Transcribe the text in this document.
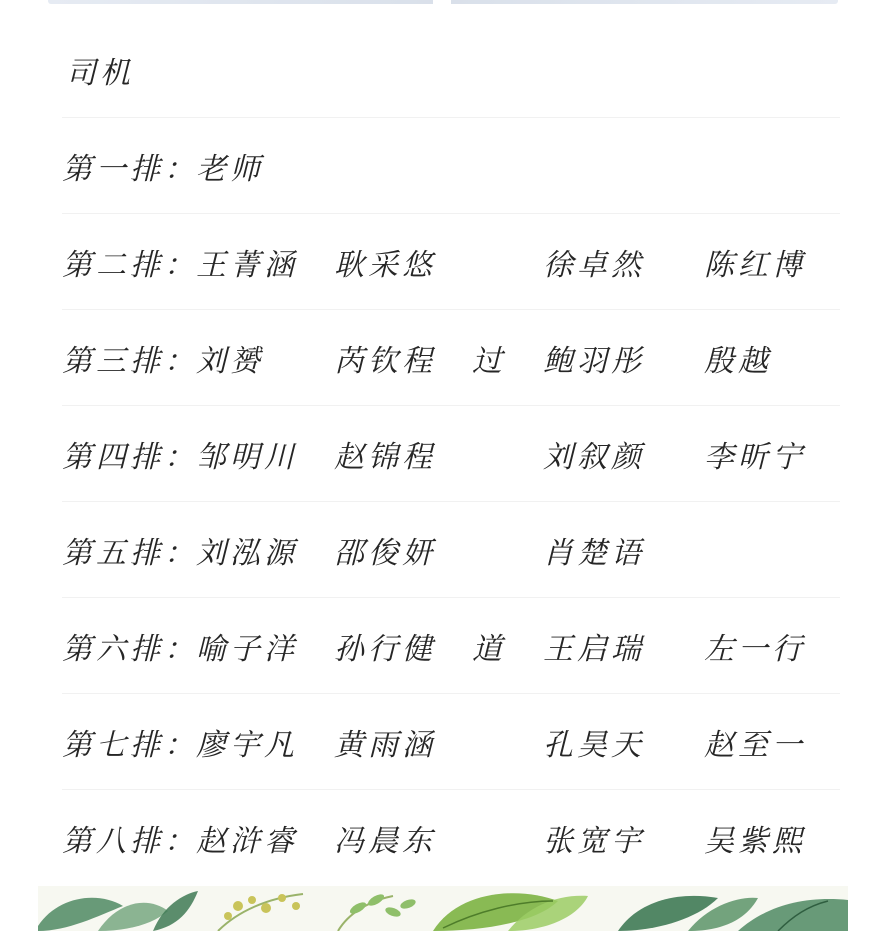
司机
第一排：
老师
第二排：
王菁涵 耿采悠	徐卓然 陈红博
第三排：
刘赟 芮钦程 过 鲍羽彤 殷越
第四排：
邹明川 赵锦程	刘叙颜 李昕宁
第五排：
刘泓源 邵俊妍	肖楚语
第六排：
喻子洋 孙行健 道 王启瑞 左一行
第七排：
廖宇凡 黄雨涵	孔昊天 赵至一
第八排：
赵浒睿 冯晨东	张宽宇 吴紫熙
